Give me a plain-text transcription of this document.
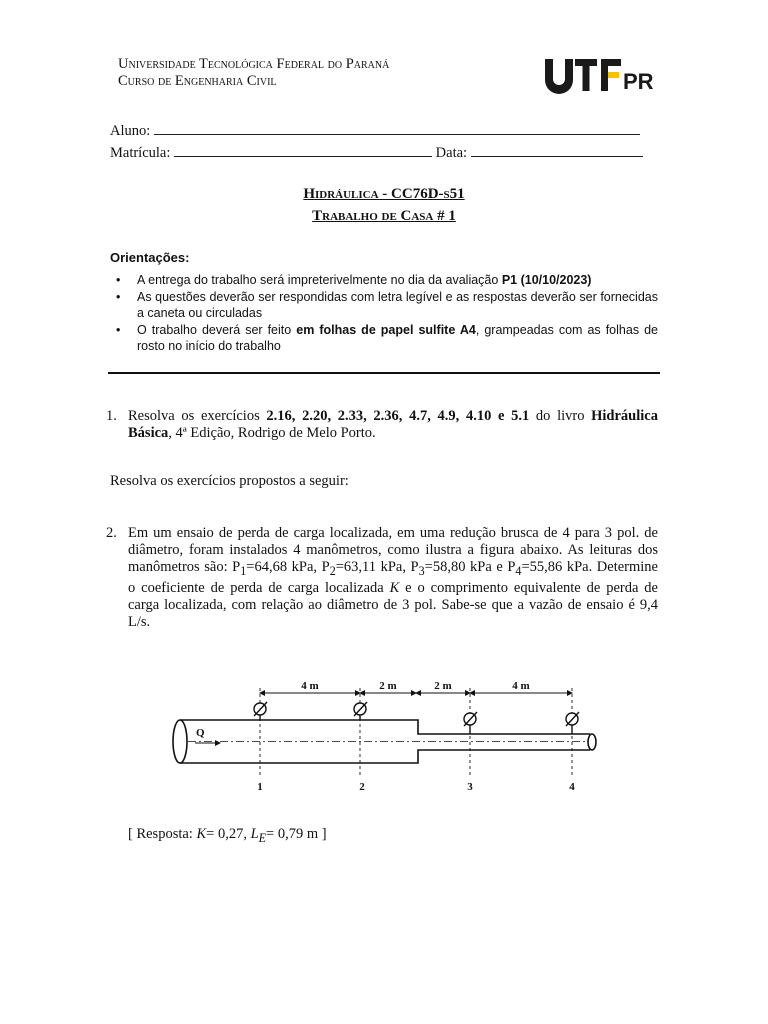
Universidade Tecnológica Federal do Paraná
Curso de Engenharia Civil	PR
Aluno:
Matrícula:	Data:
Hidráulica - CC76D-s51
Trabalho de Casa # 1
Orientações:
• A entrega do trabalho será impreterivelmente no dia da avaliação P1 (10/10/2023)
• As questões deverão ser respondidas com letra legível e as respostas deverão ser fornecidas a caneta ou circuladas
• O trabalho deverá ser feito em folhas de papel sulfite A4, grampeadas com as folhas de rosto no início do trabalho
1. Resolva os exercícios 2.16, 2.20, 2.33, 2.36, 4.7, 4.9, 4.10 e 5.1 do livro Hidráulica Básica, 4ª Edição, Rodrigo de Melo Porto.
Resolva os exercícios propostos a seguir:
2. Em um ensaio de perda de carga localizada, em uma redução brusca de 4 para 3 pol. de diâmetro, foram instalados 4 manômetros, como ilustra a figura abaixo. As leituras dos manômetros são: $P_1=64,68$ kPa, $P_2=63,11$ kPa, $P_3=58,80$ kPa e $P_4=55,86$ kPa. Determine o coeficiente de perda de carga localizada K e o comprimento equivalente de perda de carga localizada, com relação ao diâmetro de 3 pol. Sabe-se que a vazão de ensaio é 9,4 L/s.
4 m	2 m	2 m	4 m
Q
1	2	3	4
[ Resposta: K= 0,27, $L_E= 0,79$ m ]
